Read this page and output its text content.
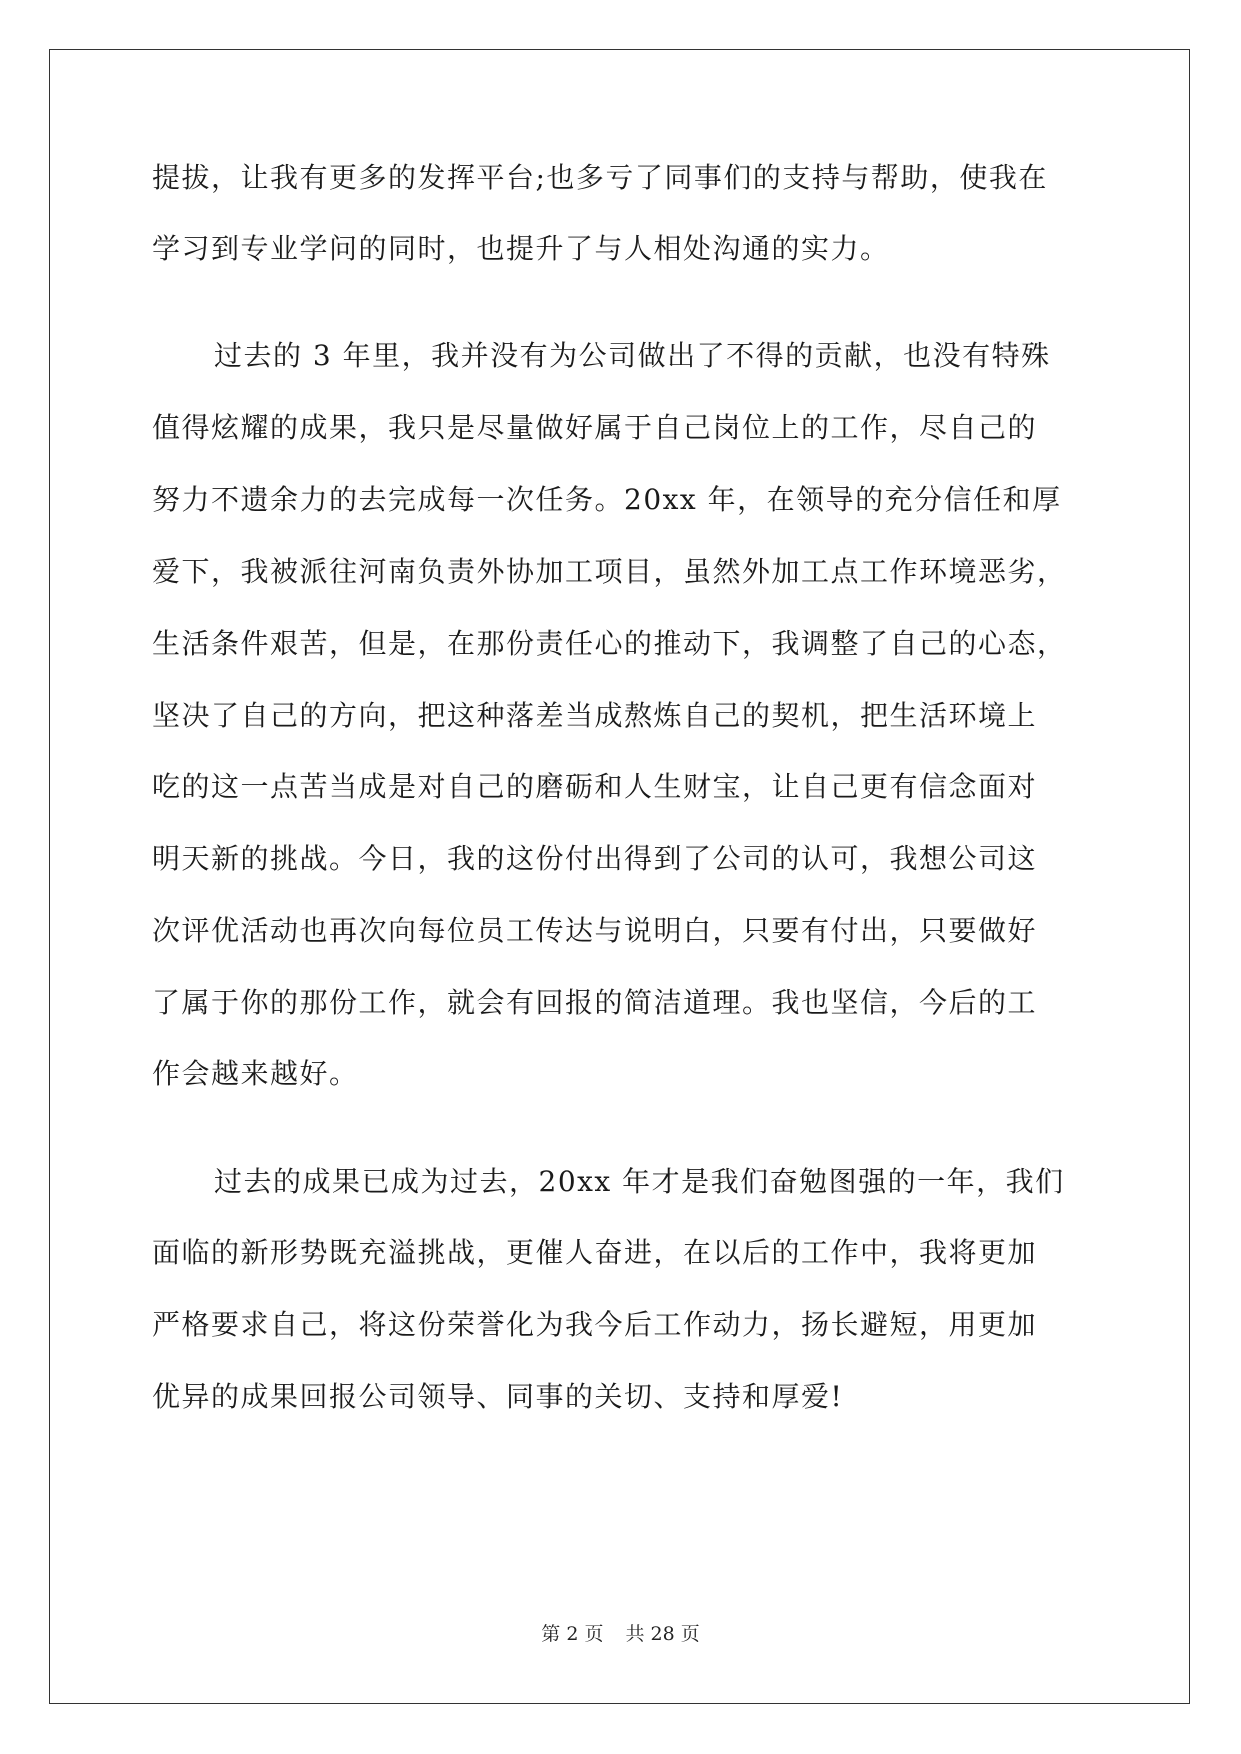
提拔，让我有更多的发挥平台;也多亏了同事们的支持与帮助，使我在
学习到专业学问的同时，也提升了与人相处沟通的实力。
过去的 3 年里，我并没有为公司做出了不得的贡献，也没有特殊
值得炫耀的成果，我只是尽量做好属于自己岗位上的工作，尽自己的
努力不遗余力的去完成每一次任务。20xx 年，在领导的充分信任和厚
爱下，我被派往河南负责外协加工项目，虽然外加工点工作环境恶劣，
生活条件艰苦，但是，在那份责任心的推动下，我调整了自己的心态，
坚决了自己的方向，把这种落差当成熬炼自己的契机，把生活环境上
吃的这一点苦当成是对自己的磨砺和人生财宝，让自己更有信念面对
明天新的挑战。今日，我的这份付出得到了公司的认可，我想公司这
次评优活动也再次向每位员工传达与说明白，只要有付出，只要做好
了属于你的那份工作，就会有回报的简洁道理。我也坚信，今后的工
作会越来越好。
过去的成果已成为过去，20xx 年才是我们奋勉图强的一年，我们
面临的新形势既充溢挑战，更催人奋进，在以后的工作中，我将更加
严格要求自己，将这份荣誉化为我今后工作动力，扬长避短，用更加
优异的成果回报公司领导、同事的关切、支持和厚爱!
第 2 页 共 28 页
